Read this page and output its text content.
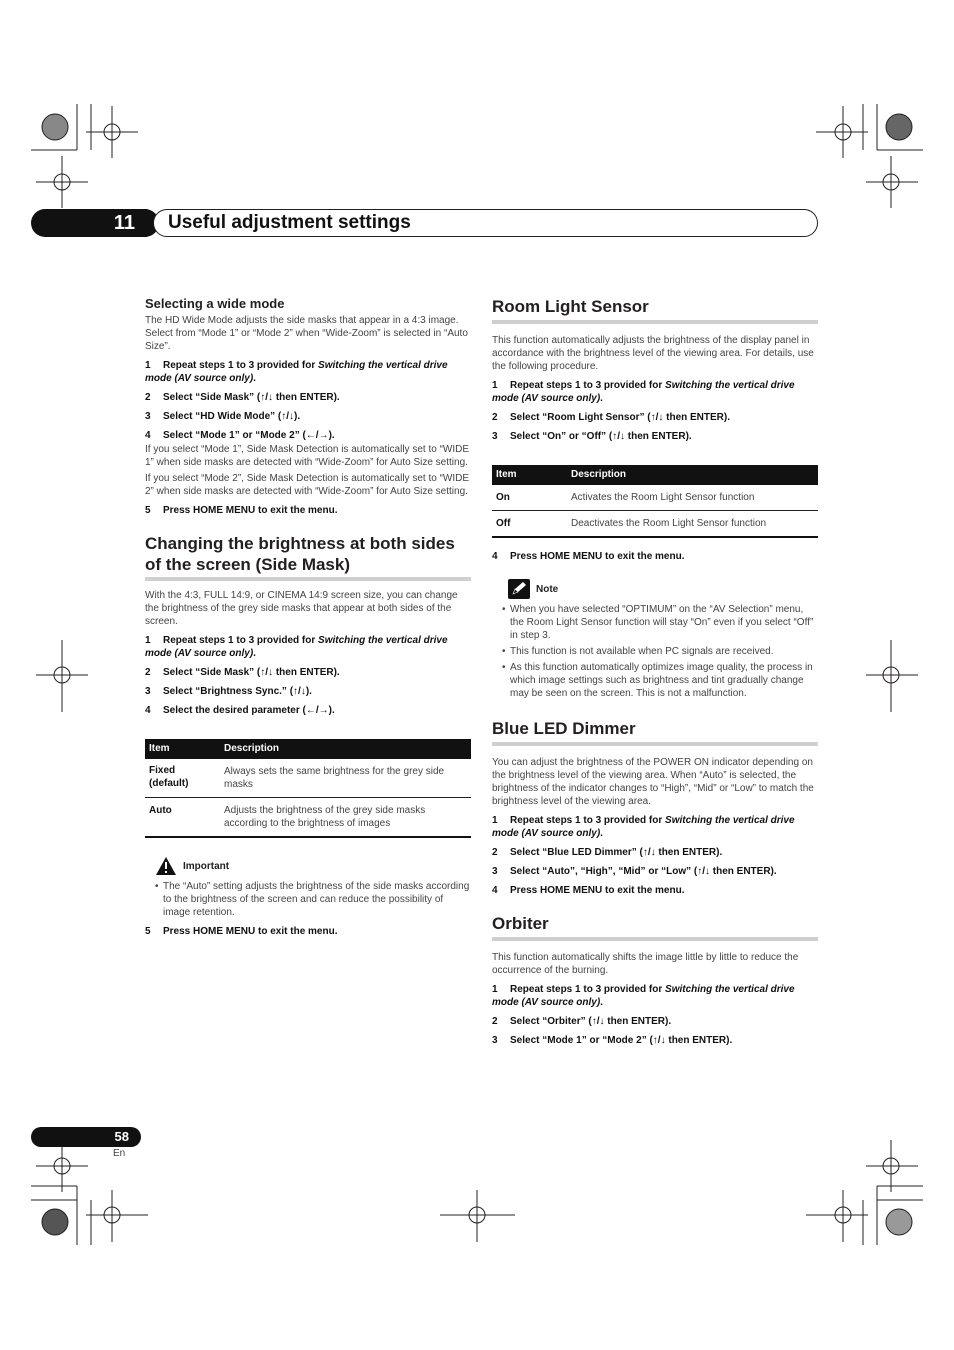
11	Useful adjustment settings
Selecting a wide mode

The HD Wide Mode adjusts the side masks that appear in a 4:3 image. Select from “Mode 1” or “Mode 2” when “Wide-Zoom” is selected in “Auto Size”.

1 Repeat steps 1 to 3 provided for Switching the vertical drive mode (AV source only).

2 Select “Side Mask” (↑/↓ then ENTER).

3 Select “HD Wide Mode” (↑/↓).

4 Select “Mode 1” or “Mode 2” (←/→).

If you select “Mode 1”, Side Mask Detection is automatically set to “WIDE 1” when side masks are detected with “Wide-Zoom” for Auto Size setting.

If you select “Mode 2”, Side Mask Detection is automatically set to “WIDE 2” when side masks are detected with “Wide-Zoom” for Auto Size setting.

5 Press HOME MENU to exit the menu.

Changing the brightness at both sides of the screen (Side Mask)

With the 4:3, FULL 14:9, or CINEMA 14:9 screen size, you can change the brightness of the grey side masks that appear at both sides of the screen.

1 Repeat steps 1 to 3 provided for Switching the vertical drive mode (AV source only).

2 Select “Side Mask” (↑/↓ then ENTER).

3 Select “Brightness Sync.” (↑/↓).

4 Select the desired parameter (←/→).

Item	Description
Fixed (default)	Always sets the same brightness for the grey side masks
Auto	Adjusts the brightness of the grey side masks according to the brightness of images
Important

• The “Auto” setting adjusts the brightness of the side masks according to the brightness of the screen and can reduce the possibility of image retention.

5 Press HOME MENU to exit the menu.

Room Light Sensor

This function automatically adjusts the brightness of the display panel in accordance with the brightness level of the viewing area. For details, use the following procedure.

1 Repeat steps 1 to 3 provided for Switching the vertical drive mode (AV source only).

2 Select “Room Light Sensor” (↑/↓ then ENTER).

3 Select “On” or “Off” (↑/↓ then ENTER).

Item	Description
On	Activates the Room Light Sensor function
Off	Deactivates the Room Light Sensor function

4 Press HOME MENU to exit the menu.

Note

• When you have selected “OPTIMUM” on the “AV Selection” menu, the Room Light Sensor function will stay “On” even if you select “Off” in step 3.

• This function is not available when PC signals are received.

• As this function automatically optimizes image quality, the process in which image settings such as brightness and tint gradually change may be seen on the screen. This is not a malfunction.

Blue LED Dimmer

You can adjust the brightness of the POWER ON indicator depending on the brightness level of the viewing area. When “Auto” is selected, the brightness of the indicator changes to “High”, “Mid” or “Low” to match the brightness level of the viewing area.

1 Repeat steps 1 to 3 provided for Switching the vertical drive mode (AV source only).

2 Select “Blue LED Dimmer” (↑/↓ then ENTER).

3 Select “Auto”, “High”, “Mid” or “Low” (↑/↓ then ENTER).

4 Press HOME MENU to exit the menu.

Orbiter

This function automatically shifts the image little by little to reduce the occurrence of the burning.

1 Repeat steps 1 to 3 provided for Switching the vertical drive mode (AV source only).

2 Select “Orbiter” (↑/↓ then ENTER).

3 Select “Mode 1” or “Mode 2” (↑/↓ then ENTER).

58
En
